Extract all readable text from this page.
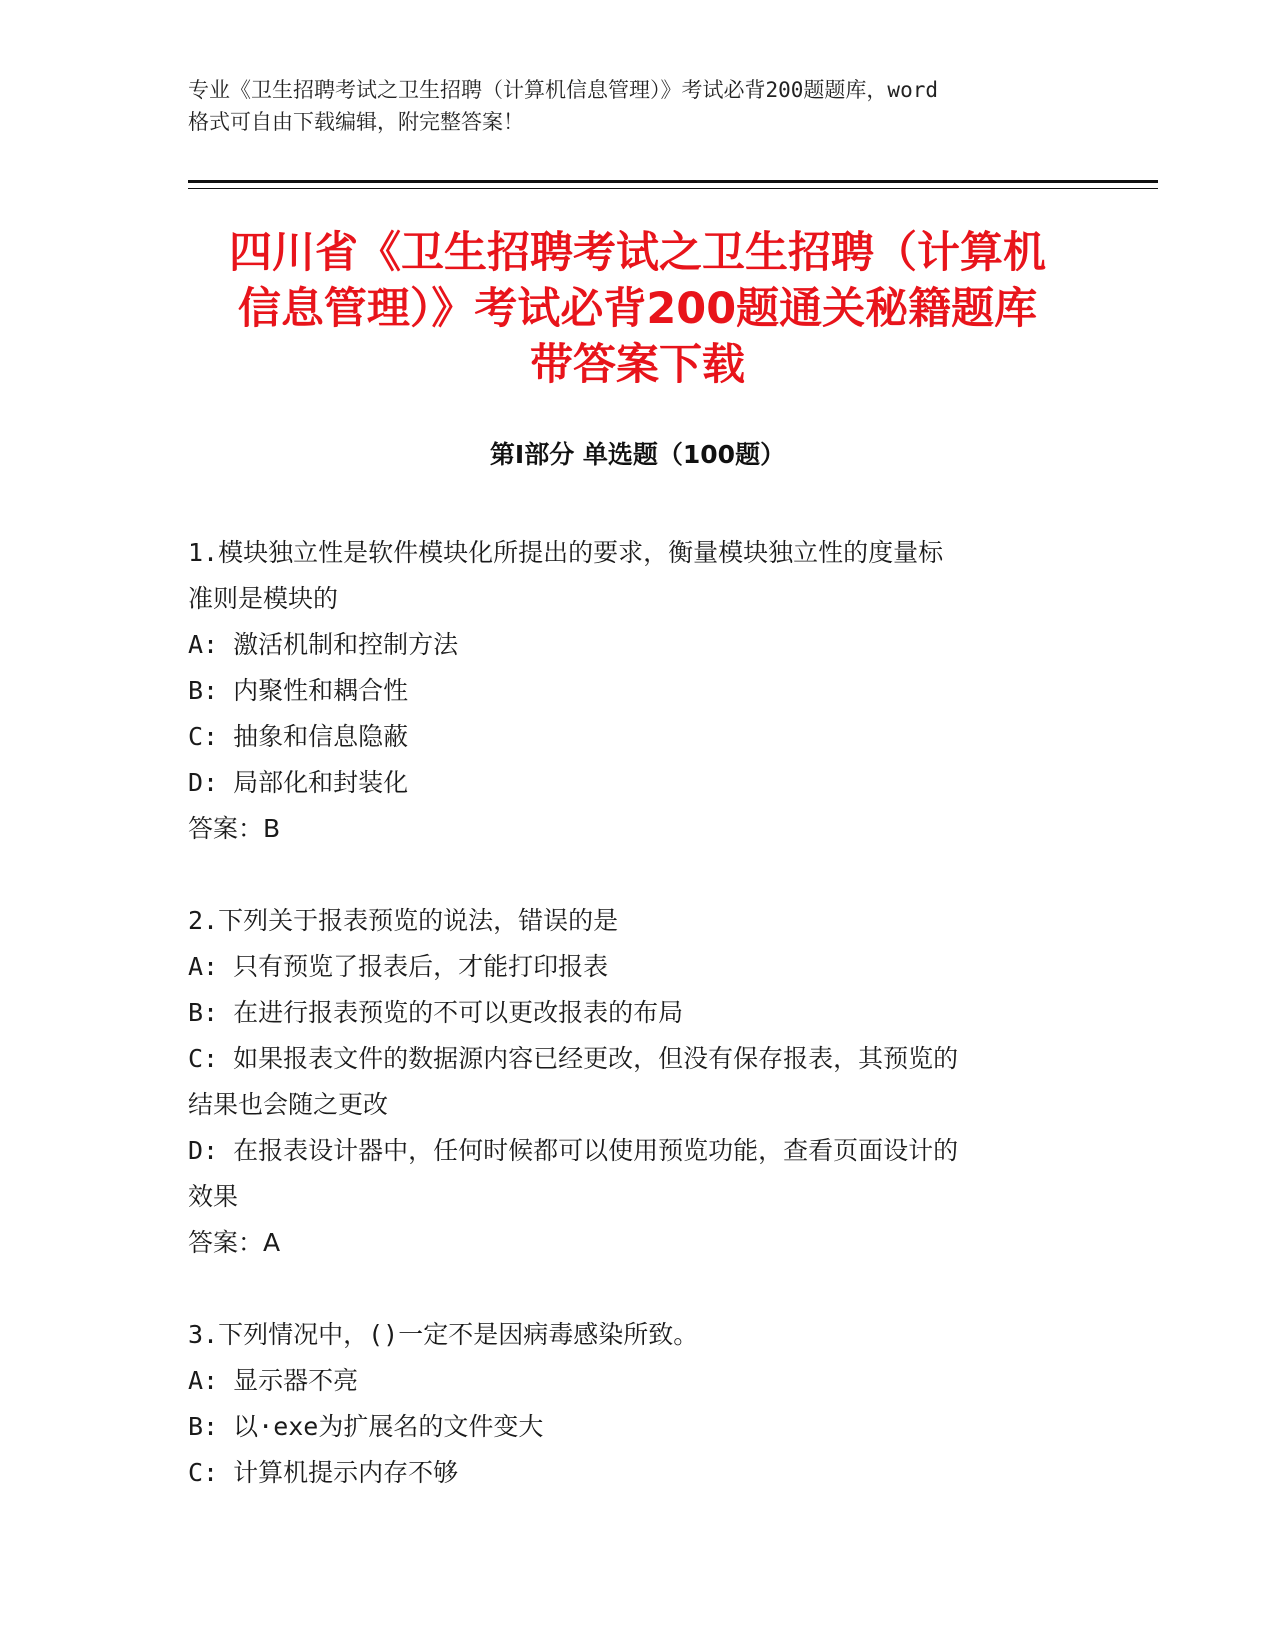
专业《卫生招聘考试之卫生招聘（计算机信息管理）》考试必背200题题库，word

格式可自由下载编辑，附完整答案！

四川省《卫生招聘考试之卫生招聘（计算机
信息管理）》考试必背200题通关秘籍题库
带答案下载
第Ⅰ部分 单选题（100题）

1.模块独立性是软件模块化所提出的要求，衡量模块独立性的度量标

准则是模块的

A: 激活机制和控制方法

B: 内聚性和耦合性

C: 抽象和信息隐蔽

D: 局部化和封装化

答案：B

2.下列关于报表预览的说法，错误的是

A: 只有预览了报表后，才能打印报表

B: 在进行报表预览的不可以更改报表的布局

C: 如果报表文件的数据源内容已经更改，但没有保存报表，其预览的

结果也会随之更改

D: 在报表设计器中，任何时候都可以使用预览功能，查看页面设计的

效果

答案：A

3.下列情况中，()一定不是因病毒感染所致。

A: 显示器不亮

B: 以·exe为扩展名的文件变大

C: 计算机提示内存不够
